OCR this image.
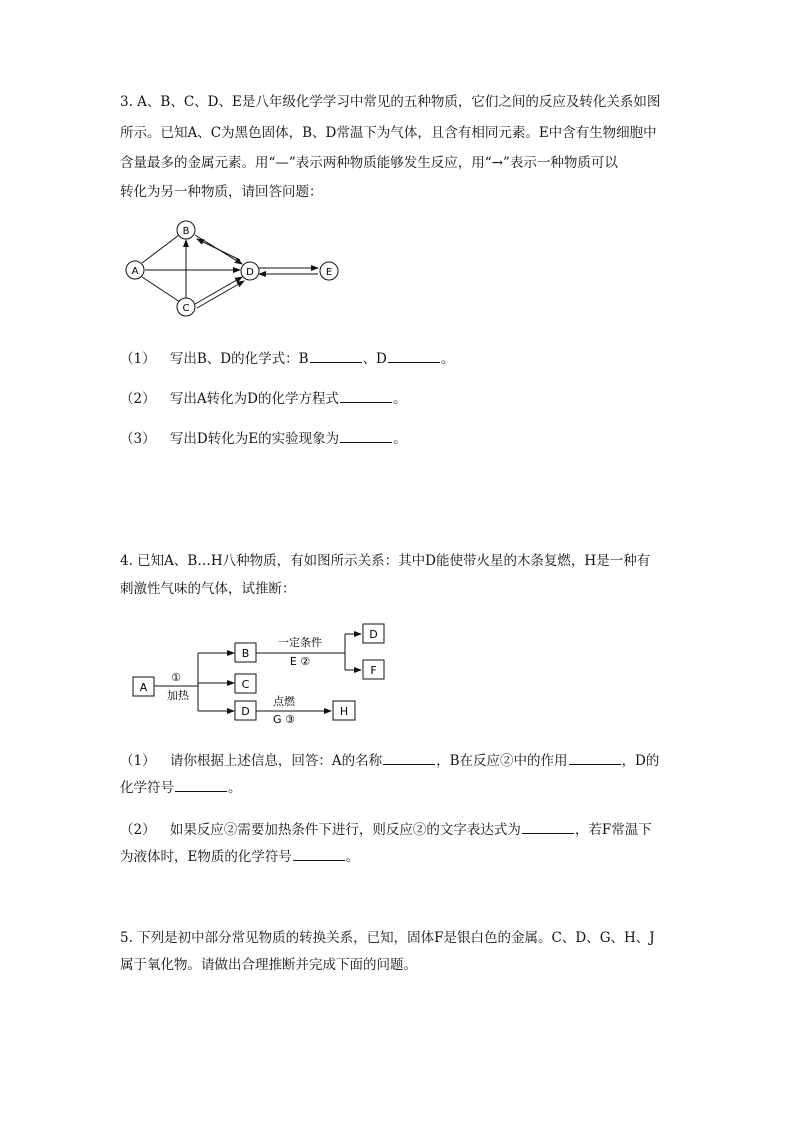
3. A、B、C、D、E是八年级化学学习中常见的五种物质，它们之间的反应及转化关系如图
所示。已知A、C为黑色固体，B、D常温下为气体，且含有相同元素。E中含有生物细胞中
含量最多的金属元素。用“—”表示两种物质能够发生反应，用“→”表示一种物质可以
转化为另一种物质，请回答问题：
A
B
C
D	E
（1） 写出B、D的化学式：B	、D	。
（2） 写出A转化为D的化学方程式	。
（3） 写出D转化为E的实验现象为	。
4. 已知A、B…H八种物质，有如图所示关系：其中D能使带火星的木条复燃，H是一种有
刺激性气味的气体，试推断：
A
B
C
D
D
F
H
①
加热
一定条件
E ②
点燃
G ③
（1） 请你根据上述信息，回答：A的名称	，B在反应②中的作用	，D的
化学符号	。
（2） 如果反应②需要加热条件下进行，则反应②的文字表达式为	，若F常温下
为液体时，E物质的化学符号	。
5. 下列是初中部分常见物质的转换关系，已知，固体F是银白色的金属。C、D、G、H、J
属于氧化物。请做出合理推断并完成下面的问题。
